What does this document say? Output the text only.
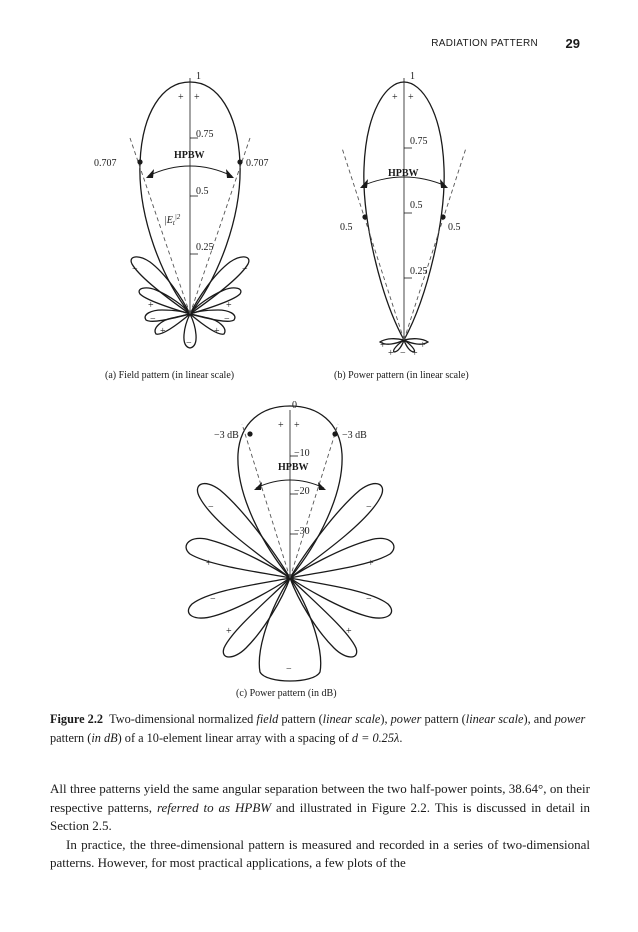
RADIATION PATTERN 29
1
0.75
0.5
0.25
0.707	0.707
HPBW
$|E_t^{|2}$
+ +
−	−
+	+
−	−
+	+
−
(a) Field pattern (in linear scale)
1
0.75
0.5
0.25
0.5	0.5
HPBW
+ +
+	+
+ +
−
(b) Power pattern (in linear scale)
0
−10
−20
−30
−3 dB	−3 dB
HPBW
+ +
−	−
+	+
−	−
+	+
−
(c) Power pattern (in dB)
Figure 2.2 Two-dimensional normalized field pattern (linear scale), power pattern (linear scale), and power pattern (in dB) of a 10-element linear array with a spacing of d = 0.25λ.

All three patterns yield the same angular separation between the two half-power points, 38.64°, on their respective patterns, referred to as HPBW and illustrated in Figure 2.2. This is discussed in detail in Section 2.5.

In practice, the three-dimensional pattern is measured and recorded in a series of two-dimensional patterns. However, for most practical applications, a few plots of the
